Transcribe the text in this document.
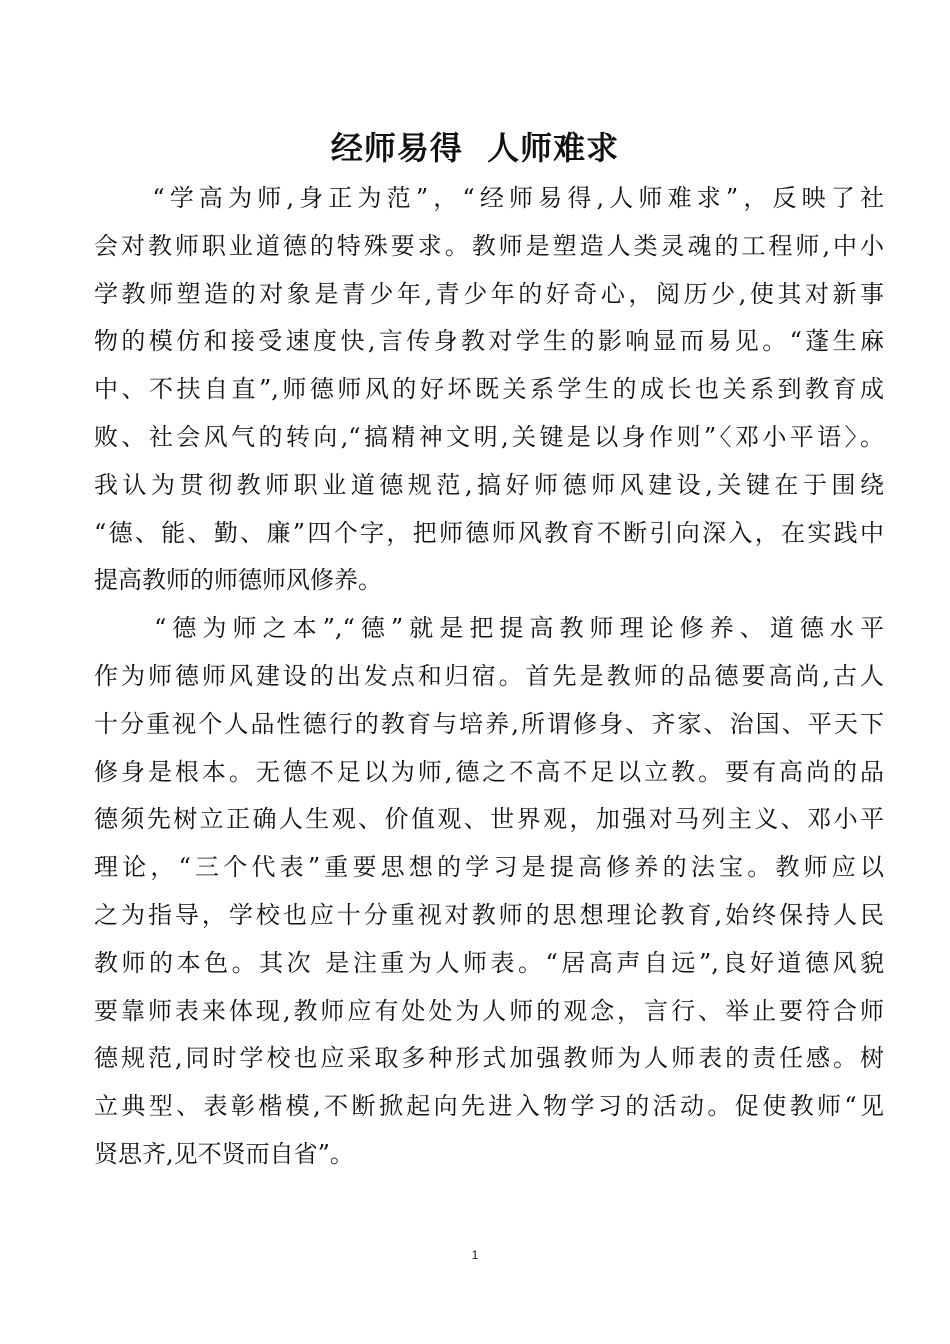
经师易得  人师难求

　　“学高为师,身正为范”，“经师易得,人师难求”，反映了社
会对教师职业道德的特殊要求。教师是塑造人类灵魂的工程师,中小
学教师塑造的对象是青少年,青少年的好奇心，阅历少,使其对新事
物的模仿和接受速度快,言传身教对学生的影响显而易见。“蓬生麻
中、不扶自直”,师德师风的好坏既关系学生的成长也关系到教育成
败、社会风气的转向,“搞精神文明,关键是以身作则”〈邓小平语〉。
我认为贯彻教师职业道德规范,搞好师德师风建设,关键在于围绕
“德、能、勤、廉”四个字，把师德师风教育不断引向深入，在实践中
提高教师的师德师风修养。

　　“德为师之本”,“德”就是把提高教师理论修养、道德水平
作为师德师风建设的出发点和归宿。首先是教师的品德要高尚,古人
十分重视个人品性德行的教育与培养,所谓修身、齐家、治国、平天下
修身是根本。无德不足以为师,德之不高不足以立教。要有高尚的品
德须先树立正确人生观、价值观、世界观，加强对马列主义、邓小平
理论，“三个代表”重要思想的学习是提高修养的法宝。教师应以
之为指导，学校也应十分重视对教师的思想理论教育,始终保持人民
教师的本色。其次 是注重为人师表。“居高声自远”,良好道德风貌
要靠师表来体现,教师应有处处为人师的观念，言行、举止要符合师
德规范,同时学校也应采取多种形式加强教师为人师表的责任感。树
立典型、表彰楷模,不断掀起向先进入物学习的活动。促使教师“见
贤思齐,见不贤而自省”。

1
